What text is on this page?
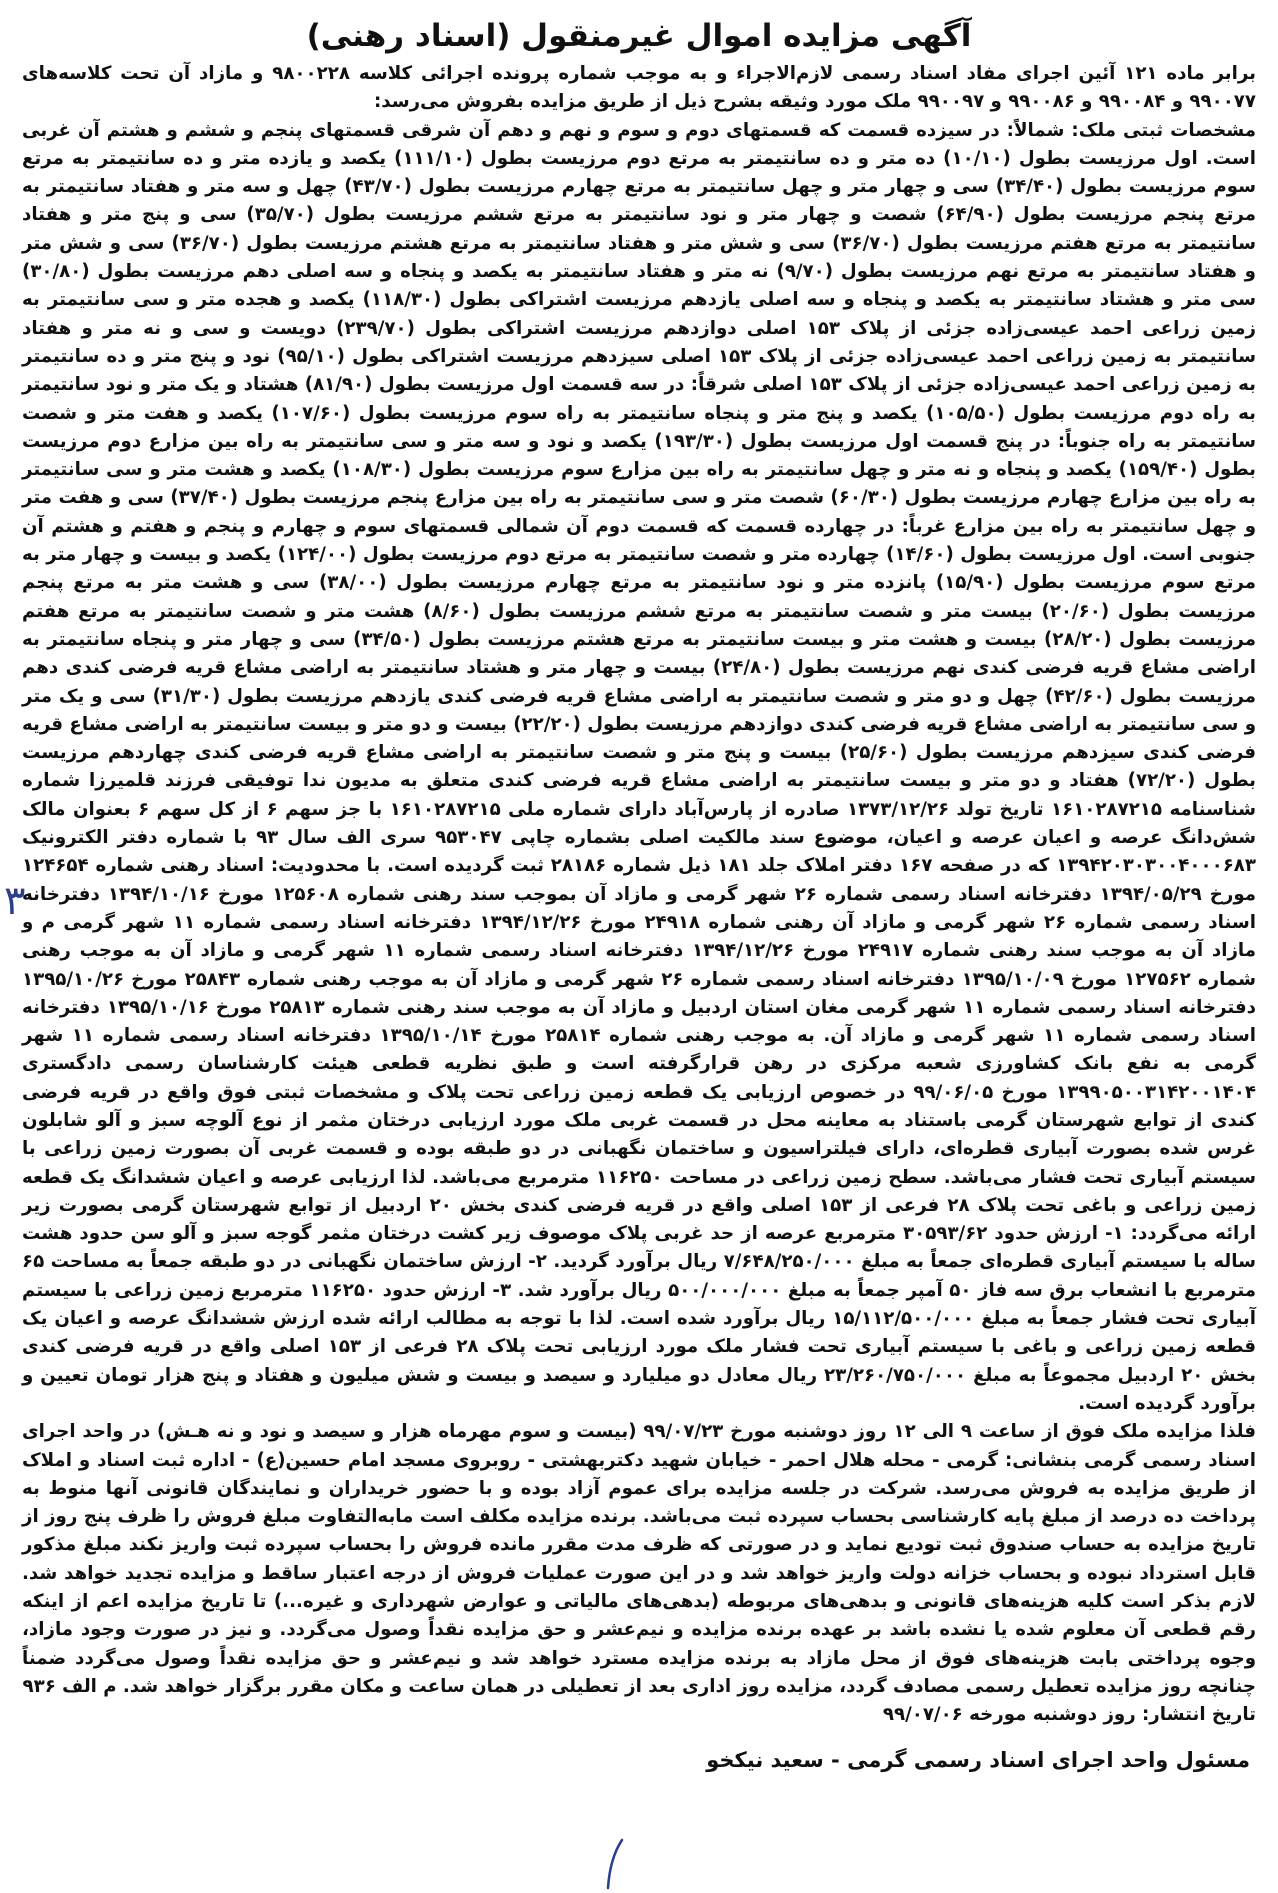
آگهی مزایده اموال غیرمنقول (اسناد رهنی)

برابر ماده ۱۲۱ آئین اجرای مفاد اسناد رسمی لازم‌الاجراء و به موجب شماره پرونده اجرائی کلاسه ۹۸۰۰۲۲۸ و مازاد آن تحت کلاسه‌های ۹۹۰۰۷۷ و ۹۹۰۰۸۴ و ۹۹۰۰۸۶ و ۹۹۰۰۹۷ ملک مورد وثیقه بشرح ذیل از طریق مزایده بفروش می‌رسد:

مشخصات ثبتی ملک: شمالاً: در سیزده قسمت که قسمتهای دوم و سوم و نهم و دهم آن شرقی قسمتهای پنجم و ششم و هشتم آن غربی است. اول مرزیست بطول (۱۰/۱۰) ده متر و ده سانتیمتر به مرتع دوم مرزیست بطول (۱۱۱/۱۰) یکصد و یازده متر و ده سانتیمتر به مرتع سوم مرزیست بطول (۳۴/۴۰) سی و چهار متر و چهل سانتیمتر به مرتع چهارم مرزیست بطول (۴۳/۷۰) چهل و سه متر و هفتاد سانتیمتر به مرتع پنجم مرزیست بطول (۶۴/۹۰) شصت و چهار متر و نود سانتیمتر به مرتع ششم مرزیست بطول (۳۵/۷۰) سی و پنج متر و هفتاد سانتیمتر به مرتع هفتم مرزیست بطول (۳۶/۷۰) سی و شش متر و هفتاد سانتیمتر به مرتع هشتم مرزیست بطول (۳۶/۷۰) سی و شش متر و هفتاد سانتیمتر به مرتع نهم مرزیست بطول (۹/۷۰) نه متر و هفتاد سانتیمتر به یکصد و پنجاه و سه اصلی دهم مرزیست بطول (۳۰/۸۰) سی متر و هشتاد سانتیمتر به یکصد و پنجاه و سه اصلی یازدهم مرزیست اشتراکی بطول (۱۱۸/۳۰) یکصد و هجده متر و سی سانتیمتر به زمین زراعی احمد عیسی‌زاده جزئی از پلاک ۱۵۳ اصلی دوازدهم مرزیست اشتراکی بطول (۲۳۹/۷۰) دویست و سی و نه متر و هفتاد سانتیمتر به زمین زراعی احمد عیسی‌زاده جزئی از پلاک ۱۵۳ اصلی سیزدهم مرزیست اشتراکی بطول (۹۵/۱۰) نود و پنج متر و ده سانتیمتر به زمین زراعی احمد عیسی‌زاده جزئی از پلاک ۱۵۳ اصلی شرقاً: در سه قسمت اول مرزیست بطول (۸۱/۹۰) هشتاد و یک متر و نود سانتیمتر به راه دوم مرزیست بطول (۱۰۵/۵۰) یکصد و پنج متر و پنجاه سانتیمتر به راه سوم مرزیست بطول (۱۰۷/۶۰) یکصد و هفت متر و شصت سانتیمتر به راه جنوباً: در پنج قسمت اول مرزیست بطول (۱۹۳/۳۰) یکصد و نود و سه متر و سی سانتیمتر به راه بین مزارع دوم مرزیست بطول (۱۵۹/۴۰) یکصد و پنجاه و نه متر و چهل سانتیمتر به راه بین مزارع سوم مرزیست بطول (۱۰۸/۳۰) یکصد و هشت متر و سی سانتیمتر به راه بین مزارع چهارم مرزیست بطول (۶۰/۳۰) شصت متر و سی سانتیمتر به راه بین مزارع پنجم مرزیست بطول (۳۷/۴۰) سی و هفت متر و چهل سانتیمتر به راه بین مزارع غرباً: در چهارده قسمت که قسمت دوم آن شمالی قسمتهای سوم و چهارم و پنجم و هفتم و هشتم آن جنوبی است. اول مرزیست بطول (۱۴/۶۰) چهارده متر و شصت سانتیمتر به مرتع دوم مرزیست بطول (۱۲۴/۰۰) یکصد و بیست و چهار متر به مرتع سوم مرزیست بطول (۱۵/۹۰) پانزده متر و نود سانتیمتر به مرتع چهارم مرزیست بطول (۳۸/۰۰) سی و هشت متر به مرتع پنجم مرزیست بطول (۲۰/۶۰) بیست متر و شصت سانتیمتر به مرتع ششم مرزیست بطول (۸/۶۰) هشت متر و شصت سانتیمتر به مرتع هفتم مرزیست بطول (۲۸/۲۰) بیست و هشت متر و بیست سانتیمتر به مرتع هشتم مرزیست بطول (۳۴/۵۰) سی و چهار متر و پنجاه سانتیمتر به اراضی مشاع قریه فرضی کندی نهم مرزیست بطول (۲۴/۸۰) بیست و چهار متر و هشتاد سانتیمتر به اراضی مشاع قریه فرضی کندی دهم مرزیست بطول (۴۲/۶۰) چهل و دو متر و شصت سانتیمتر به اراضی مشاع قریه فرضی کندی یازدهم مرزیست بطول (۳۱/۳۰) سی و یک متر و سی سانتیمتر به اراضی مشاع قریه فرضی کندی دوازدهم مرزیست بطول (۲۲/۲۰) بیست و دو متر و بیست سانتیمتر به اراضی مشاع قریه فرضی کندی سیزدهم مرزیست بطول (۲۵/۶۰) بیست و پنج متر و شصت سانتیمتر به اراضی مشاع قریه فرضی کندی چهاردهم مرزیست بطول (۷۲/۲۰) هفتاد و دو متر و بیست سانتیمتر به اراضی مشاع قریه فرضی کندی متعلق به مدیون ندا توفیقی فرزند قلمیرزا شماره شناسنامه ۱۶۱۰۲۸۷۲۱۵ تاریخ تولد ۱۳۷۳/۱۲/۲۶ صادره از پارس‌آباد دارای شماره ملی ۱۶۱۰۲۸۷۲۱۵ با جز سهم ۶ از کل سهم ۶ بعنوان مالک شش‌دانگ عرصه و اعیان عرصه و اعیان، موضوع سند مالکیت اصلی بشماره چاپی ۹۵۳۰۴۷ سری الف سال ۹۳ با شماره دفتر الکترونیک ۱۳۹۴۲۰۳۰۳۰۰۴۰۰۰۶۸۳ که در صفحه ۱۶۷ دفتر املاک جلد ۱۸۱ ذیل شماره ۲۸۱۸۶ ثبت گردیده است. با محدودیت: اسناد رهنی شماره ۱۲۴۶۵۴ مورخ ۱۳۹۴/۰۵/۲۹ دفترخانه اسناد رسمی شماره ۲۶ شهر گرمی و مازاد آن بموجب سند رهنی شماره ۱۲۵۶۰۸ مورخ ۱۳۹۴/۱۰/۱۶ دفترخانه اسناد رسمی شماره ۲۶ شهر گرمی و مازاد آن رهنی شماره ۲۴۹۱۸ مورخ ۱۳۹۴/۱۲/۲۶ دفترخانه اسناد رسمی شماره ۱۱ شهر گرمی م و مازاد آن به موجب سند رهنی شماره ۲۴۹۱۷ مورخ ۱۳۹۴/۱۲/۲۶ دفترخانه اسناد رسمی شماره ۱۱ شهر گرمی و مازاد آن به موجب رهنی شماره ۱۲۷۵۶۲ مورخ ۱۳۹۵/۱۰/۰۹ دفترخانه اسناد رسمی شماره ۲۶ شهر گرمی و مازاد آن به موجب رهنی شماره ۲۵۸۴۳ مورخ ۱۳۹۵/۱۰/۲۶ دفترخانه اسناد رسمی شماره ۱۱ شهر گرمی مغان استان اردبیل و مازاد آن به موجب سند رهنی شماره ۲۵۸۱۳ مورخ ۱۳۹۵/۱۰/۱۶ دفترخانه اسناد رسمی شماره ۱۱ شهر گرمی و مازاد آن. به موجب رهنی شماره ۲۵۸۱۴ مورخ ۱۳۹۵/۱۰/۱۴ دفترخانه اسناد رسمی شماره ۱۱ شهر گرمی به نفع بانک کشاورزی شعبه مرکزی در رهن قرارگرفته است و طبق نظریه قطعی هیئت کارشناسان رسمی دادگستری ۱۳۹۹۰۵۰۰۳۱۴۲۰۰۱۴۰۴ مورخ ۹۹/۰۶/۰۵ در خصوص ارزیابی یک قطعه زمین زراعی تحت پلاک و مشخصات ثبتی فوق واقع در قریه فرضی کندی از توابع شهرستان گرمی باستناد به معاینه محل در قسمت غربی ملک مورد ارزیابی درختان مثمر از نوع آلوچه سبز و آلو شابلون غرس شده بصورت آبیاری قطره‌ای، دارای فیلتراسیون و ساختمان نگهبانی در دو طبقه بوده و قسمت غربی آن بصورت زمین زراعی با سیستم آبیاری تحت فشار می‌باشد. سطح زمین زراعی در مساحت ۱۱۶۲۵۰ مترمربع می‌باشد. لذا ارزیابی عرصه و اعیان ششدانگ یک قطعه زمین زراعی و باغی تحت پلاک ۲۸ فرعی از ۱۵۳ اصلی واقع در قریه فرضی کندی بخش ۲۰ اردبیل از توابع شهرستان گرمی بصورت زیر ارائه می‌گردد: ۱- ارزش حدود ۳۰۵۹۳/۶۲ مترمربع عرصه از حد غربی پلاک موصوف زیر کشت درختان مثمر گوجه سبز و آلو سن حدود هشت ساله با سیستم آبیاری قطره‌ای جمعاً به مبلغ ۷/۶۴۸/۲۵۰/۰۰۰ ریال برآورد گردید. ۲- ارزش ساختمان نگهبانی در دو طبقه جمعاً به مساحت ۶۵ مترمربع با انشعاب برق سه فاز ۵۰ آمپر جمعاً به مبلغ ۵۰۰/۰۰۰/۰۰۰ ریال برآورد شد. ۳- ارزش حدود ۱۱۶۲۵۰ مترمربع زمین زراعی با سیستم آبیاری تحت فشار جمعاً به مبلغ ۱۵/۱۱۲/۵۰۰/۰۰۰ ریال برآورد شده است. لذا با توجه به مطالب ارائه شده ارزش ششدانگ عرصه و اعیان یک قطعه زمین زراعی و باغی با سیستم آبیاری تحت فشار ملک مورد ارزیابی تحت پلاک ۲۸ فرعی از ۱۵۳ اصلی واقع در قریه فرضی کندی بخش ۲۰ اردبیل مجموعاً به مبلغ ۲۳/۲۶۰/۷۵۰/۰۰۰ ریال معادل دو میلیارد و سیصد و بیست و شش میلیون و هفتاد و پنج هزار تومان تعیین و برآورد گردیده است.

فلذا مزایده ملک فوق از ساعت ۹ الی ۱۲ روز دوشنبه مورخ ۹۹/۰۷/۲۳ (بیست و سوم مهرماه هزار و سیصد و نود و نه هـش) در واحد اجرای اسناد رسمی گرمی بنشانی: گرمی - محله هلال احمر - خیابان شهید دکتربهشتی - روبروی مسجد امام حسین(ع) - اداره ثبت اسناد و املاک از طریق مزایده به فروش می‌رسد. شرکت در جلسه مزایده برای عموم آزاد بوده و با حضور خریداران و نمایندگان قانونی آنها منوط به پرداخت ده درصد از مبلغ پایه کارشناسی بحساب سپرده ثبت می‌باشد. برنده مزایده مکلف است مابه‌التفاوت مبلغ فروش را ظرف پنج روز از تاریخ مزایده به حساب صندوق ثبت تودیع نماید و در صورتی که ظرف مدت مقرر مانده فروش را بحساب سپرده ثبت واریز نکند مبلغ مذکور قابل استرداد نبوده و بحساب خزانه دولت واریز خواهد شد و در این صورت عملیات فروش از درجه اعتبار ساقط و مزایده تجدید خواهد شد. لازم بذکر است کلیه هزینه‌های قانونی و بدهی‌های مربوطه (بدهی‌های مالیاتی و عوارض شهرداری و غیره...) تا تاریخ مزایده اعم از اینکه رقم قطعی آن معلوم شده یا نشده باشد بر عهده برنده مزایده و نیم‌عشر و حق مزایده نقداً وصول می‌گردد. و نیز در صورت وجود مازاد، وجوه پرداختی بابت هزینه‌های فوق از محل مازاد به برنده مزایده مسترد خواهد شد و نیم‌عشر و حق مزایده نقداً وصول می‌گردد ضمناً چنانچه روز مزایده تعطیل رسمی مصادف گردد، مزایده روز اداری بعد از تعطیلی در همان ساعت و مکان مقرر برگزار خواهد شد. م الف ۹۳۶

تاریخ انتشار: روز دوشنبه مورخه ۹۹/۰۷/۰۶

مسئول واحد اجرای اسناد رسمی گرمی - سعید نیکخو
۳
